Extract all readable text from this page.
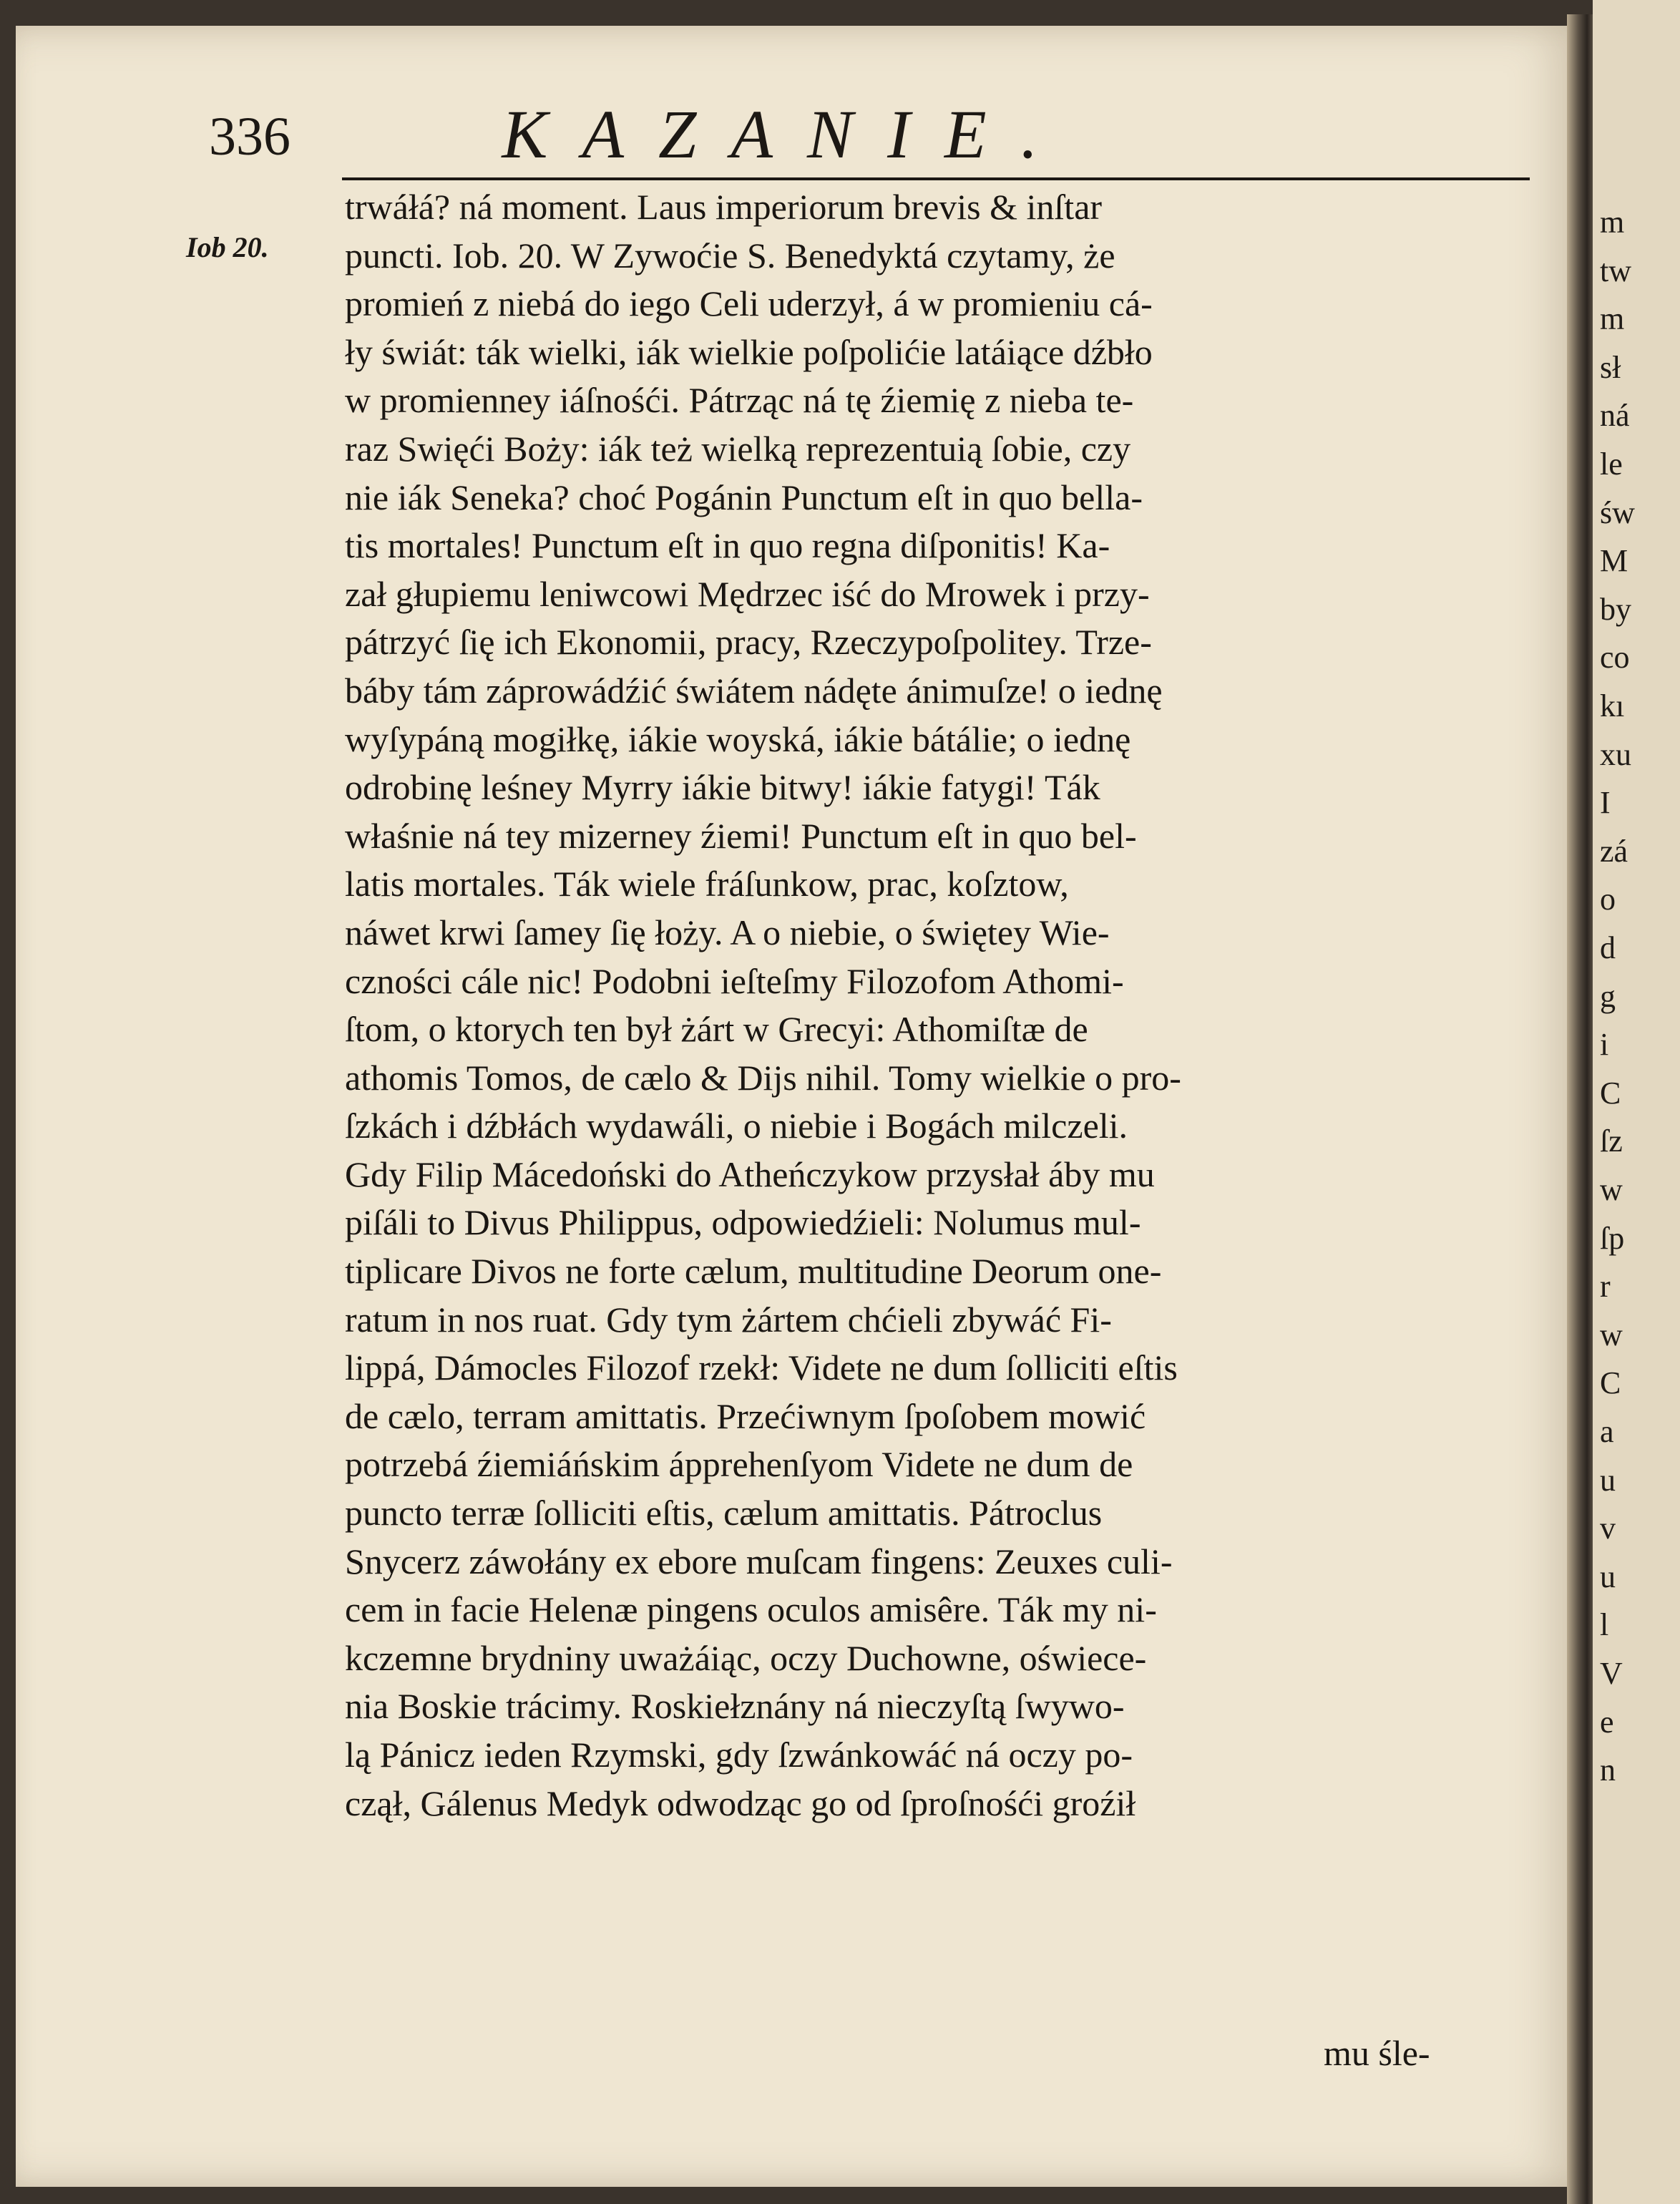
m
tw
m
sł
ná
le
św
M
by
co
kı
xu
I
zá
o
d
g
i
C
ſz
w
ſp
r
w
C
a
u
v
u
l
V
e
n
336	KAZANIE.
Iob 20.
trwáłá? ná moment. Laus imperiorum brevis & inſtar
puncti. Iob. 20. W Zywoćie S. Benedyktá czytamy, że
promień z niebá do iego Celi uderzył, á w promieniu cá-
ły świát: ták wielki, iák wielkie poſpolićie latáiące dźbło
w promienney iáſnośći. Pátrząc ná tę źiemię z nieba te-
raz Swięći Boży: iák też wielką reprezentuią ſobie, czy
nie iák Seneka? choć Pogánin Punctum eſt in quo bella-
tis mortales! Punctum eſt in quo regna diſponitis! Ka-
zał głupiemu leniwcowi Mędrzec iść do Mrowek i przy-
pátrzyć ſię ich Ekonomii, pracy, Rzeczypoſpolitey. Trze-
báby tám záprowádźić świátem nádęte ánimuſze! o iednę
wyſypáną mogiłkę, iákie woyská, iákie bátálie; o iednę
odrobinę leśney Myrry iákie bitwy! iákie fatygi! Ták
właśnie ná tey mizerney źiemi! Punctum eſt in quo bel-
latis mortales. Ták wiele fráſunkow, prac, koſztow,
náwet krwi ſamey ſię łoży. A o niebie, o świętey Wie-
czności cále nic! Podobni ieſteſmy Filozofom Athomi-
ſtom, o ktorych ten był żárt w Grecyi: Athomiſtæ de
athomis Tomos, de cælo & Dijs nihil. Tomy wielkie o pro-
ſzkách i dźbłách wydawáli, o niebie i Bogách milczeli.
Gdy Filip Mácedoński do Atheńczykow przysłał áby mu
piſáli to Divus Philippus, odpowiedźieli: Nolumus mul-
tiplicare Divos ne forte cælum, multitudine Deorum one-
ratum in nos ruat. Gdy tym żártem chćieli zbywáć Fi-
lippá, Dámocles Filozof rzekł: Videte ne dum ſolliciti eſtis
de cælo, terram amittatis. Przećiwnym ſpoſobem mowić
potrzebá źiemiáńskim ápprehenſyom Videte ne dum de
puncto terræ ſolliciti eſtis, cælum amittatis. Pátroclus
Snycerz záwołány ex ebore muſcam fingens: Zeuxes culi-
cem in facie Helenæ pingens oculos amisêre. Ták my ni-
kczemne brydniny uważáiąc, oczy Duchowne, oświece-
nia Boskie trácimy. Roskiełznány ná nieczyſtą ſwywo-
lą Pánicz ieden Rzymski, gdy ſzwánkowáć ná oczy po-
czął, Gálenus Medyk odwodząc go od ſproſnośći groźił
mu śle-
